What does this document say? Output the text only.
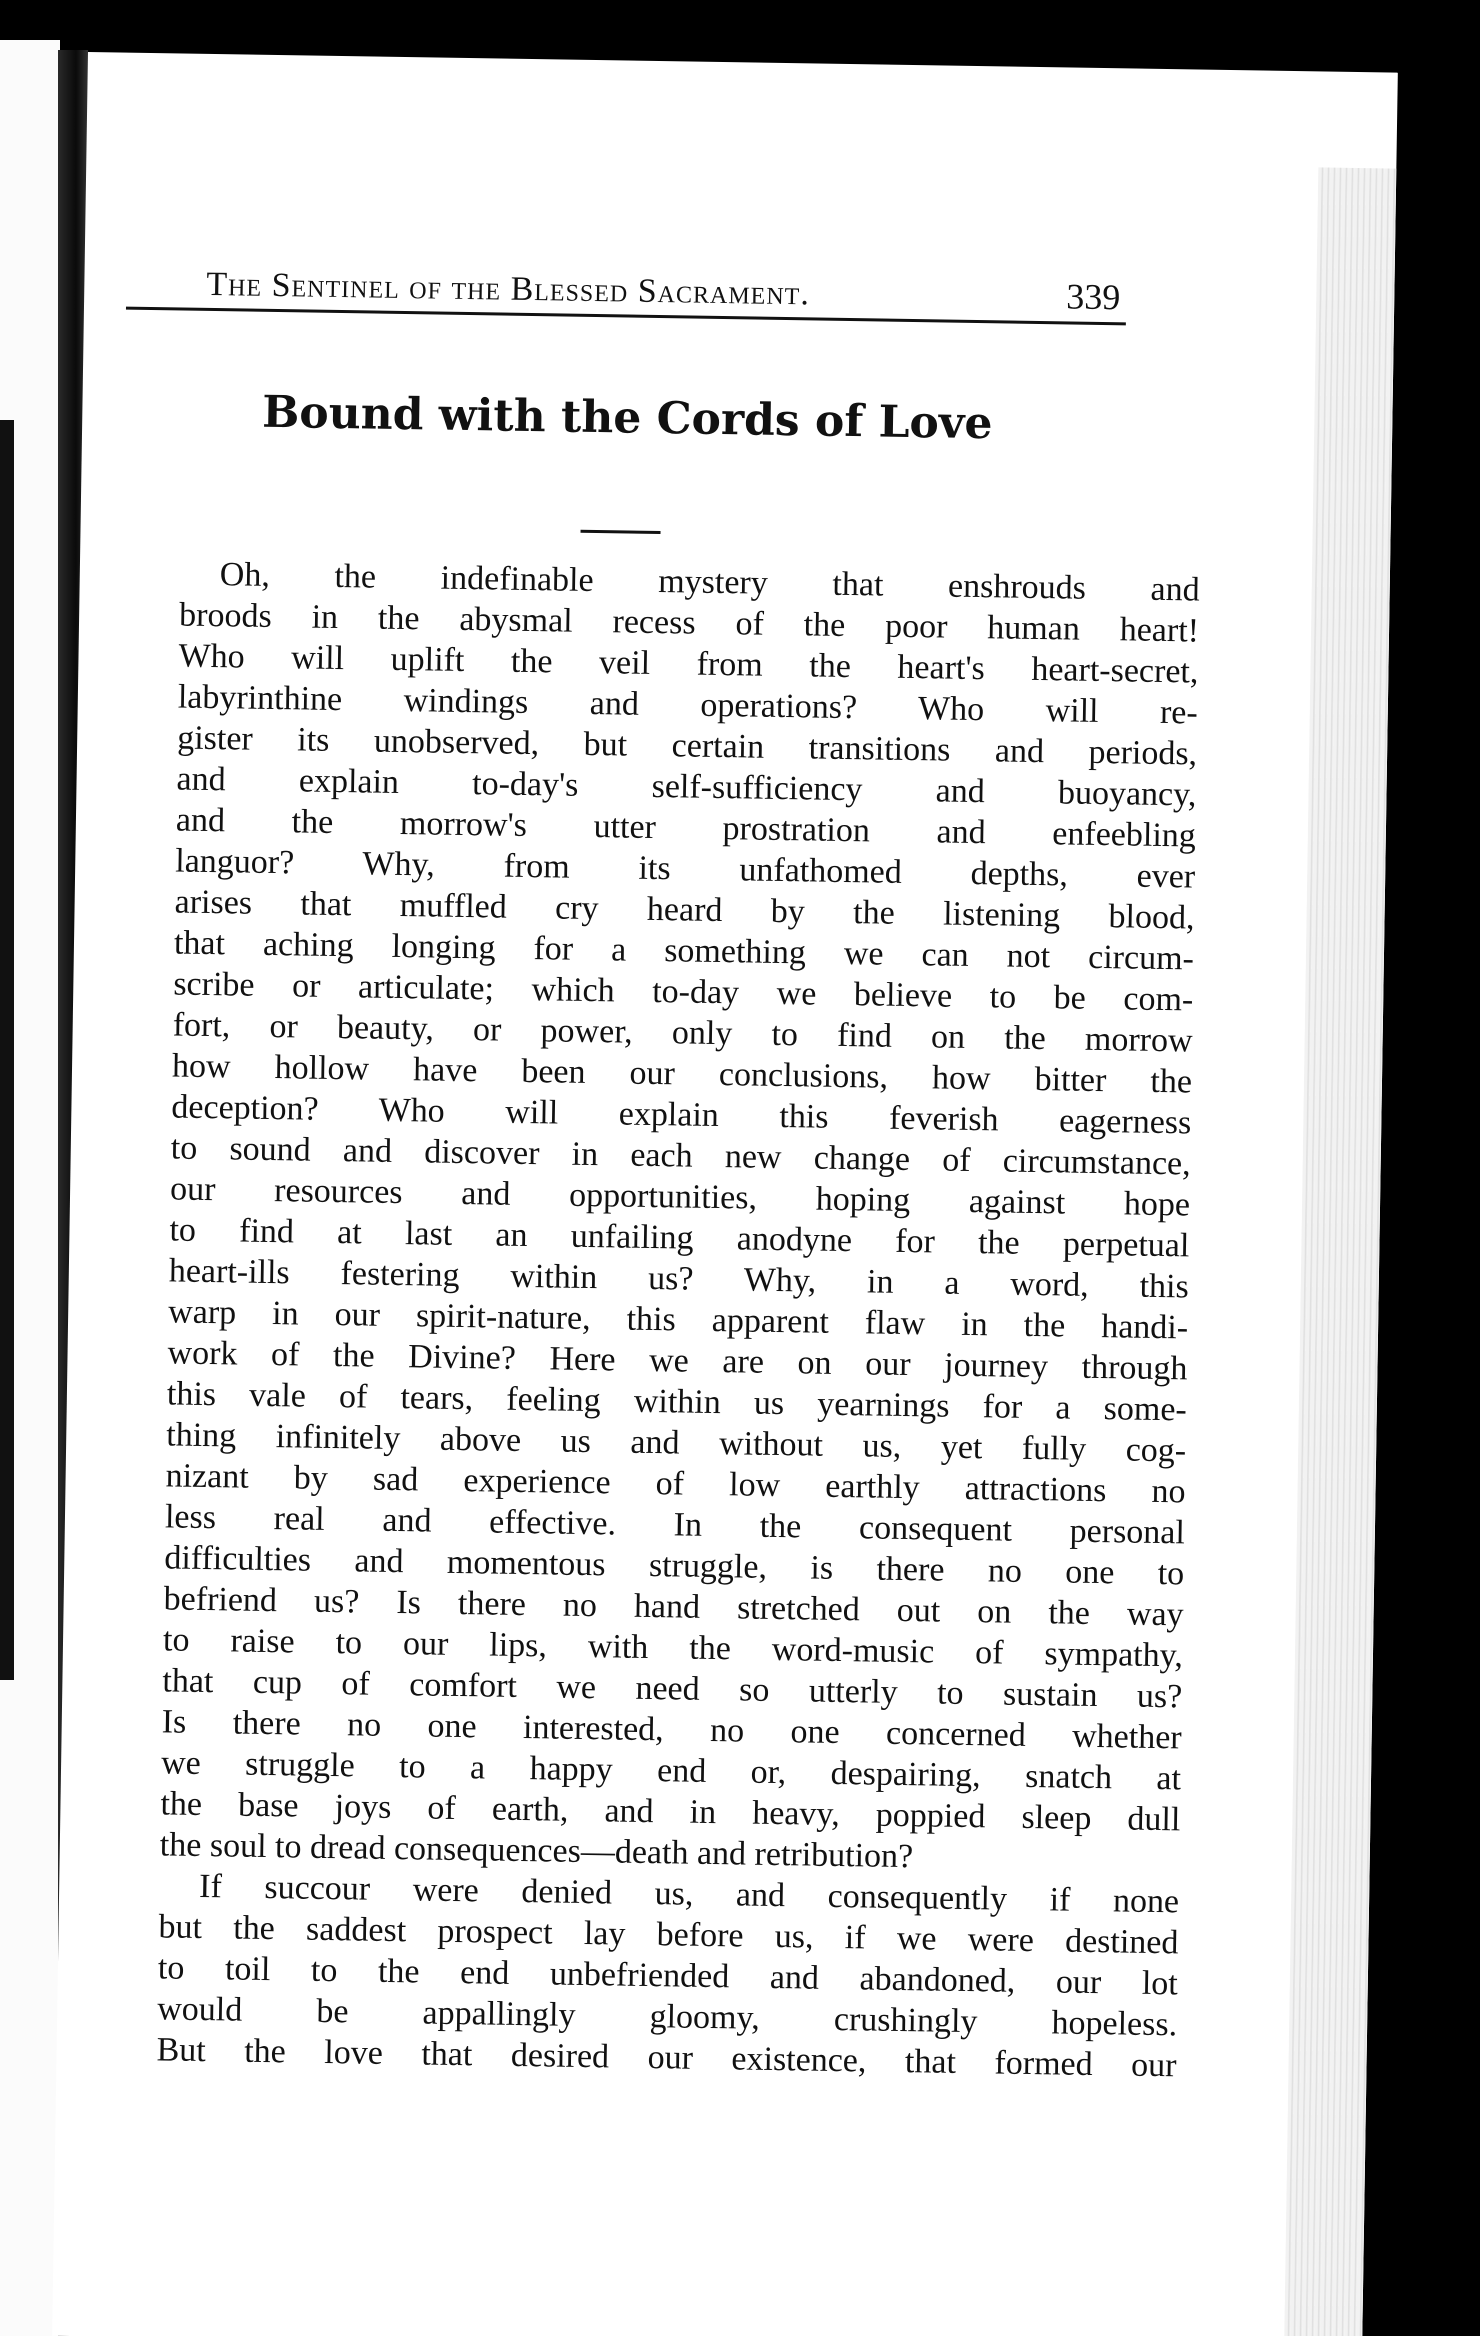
The Sentinel of the Blessed Sacrament.	339
Bound with the Cords of Love
Oh, the indefinable mystery that enshrouds and
broods in the abysmal recess of the poor human heart!
Who will uplift the veil from the heart's heart-secret,
labyrinthine windings and operations? Who will re-
gister its unobserved, but certain transitions and periods,
and explain to-day's self-sufficiency and buoyancy,
and the morrow's utter prostration and enfeebling
languor? Why, from its unfathomed depths, ever
arises that muffled cry heard by the listening blood,
that aching longing for a something we can not circum-
scribe or articulate; which to-day we believe to be com-
fort, or beauty, or power, only to find on the morrow
how hollow have been our conclusions, how bitter the
deception? Who will explain this feverish eagerness
to sound and discover in each new change of circumstance,
our resources and opportunities, hoping against hope
to find at last an unfailing anodyne for the perpetual
heart-ills festering within us? Why, in a word, this
warp in our spirit-nature, this apparent flaw in the handi-
work of the Divine? Here we are on our journey through
this vale of tears, feeling within us yearnings for a some-
thing infinitely above us and without us, yet fully cog-
nizant by sad experience of low earthly attractions no
less real and effective. In the consequent personal
difficulties and momentous struggle, is there no one to
befriend us? Is there no hand stretched out on the way
to raise to our lips, with the word-music of sympathy,
that cup of comfort we need so utterly to sustain us?
Is there no one interested, no one concerned whether
we struggle to a happy end or, despairing, snatch at
the base joys of earth, and in heavy, poppied sleep dull
the soul to dread consequences—death and retribution?
If succour were denied us, and consequently if none
but the saddest prospect lay before us, if we were destined
to toil to the end unbefriended and abandoned, our lot
would be appallingly gloomy, crushingly hopeless.
But the love that desired our existence, that formed our
